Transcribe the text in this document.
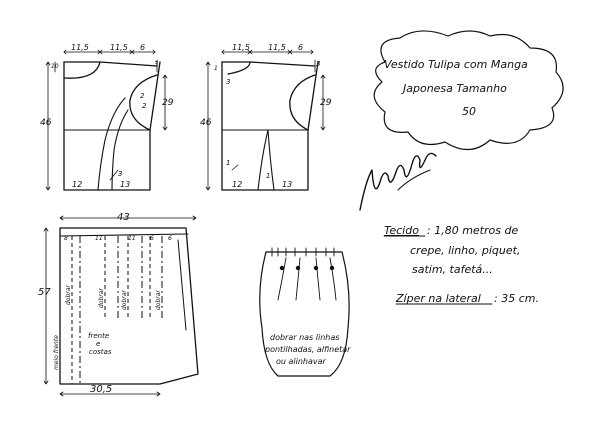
11,5	11,5 6
10	3
46
29
2
2
3
12	13
11,5 11,5 6
1
3
46
29
3
1
1
12	13
Vestido Tulipa com Manga
Japonesa Tamanho
50
Tecido : 1,80 metros de
crepe, linho, piquet,
satim, tafetá...
Zíper na lateral : 35 cm.
43
57
30,5
8	11	11 6 6
dobrar	dobrar	dobrar	dobrar
meio frente	frente
e
costas
dobrar nas linhas
pontilhadas, alfinetar
ou alinhavar
